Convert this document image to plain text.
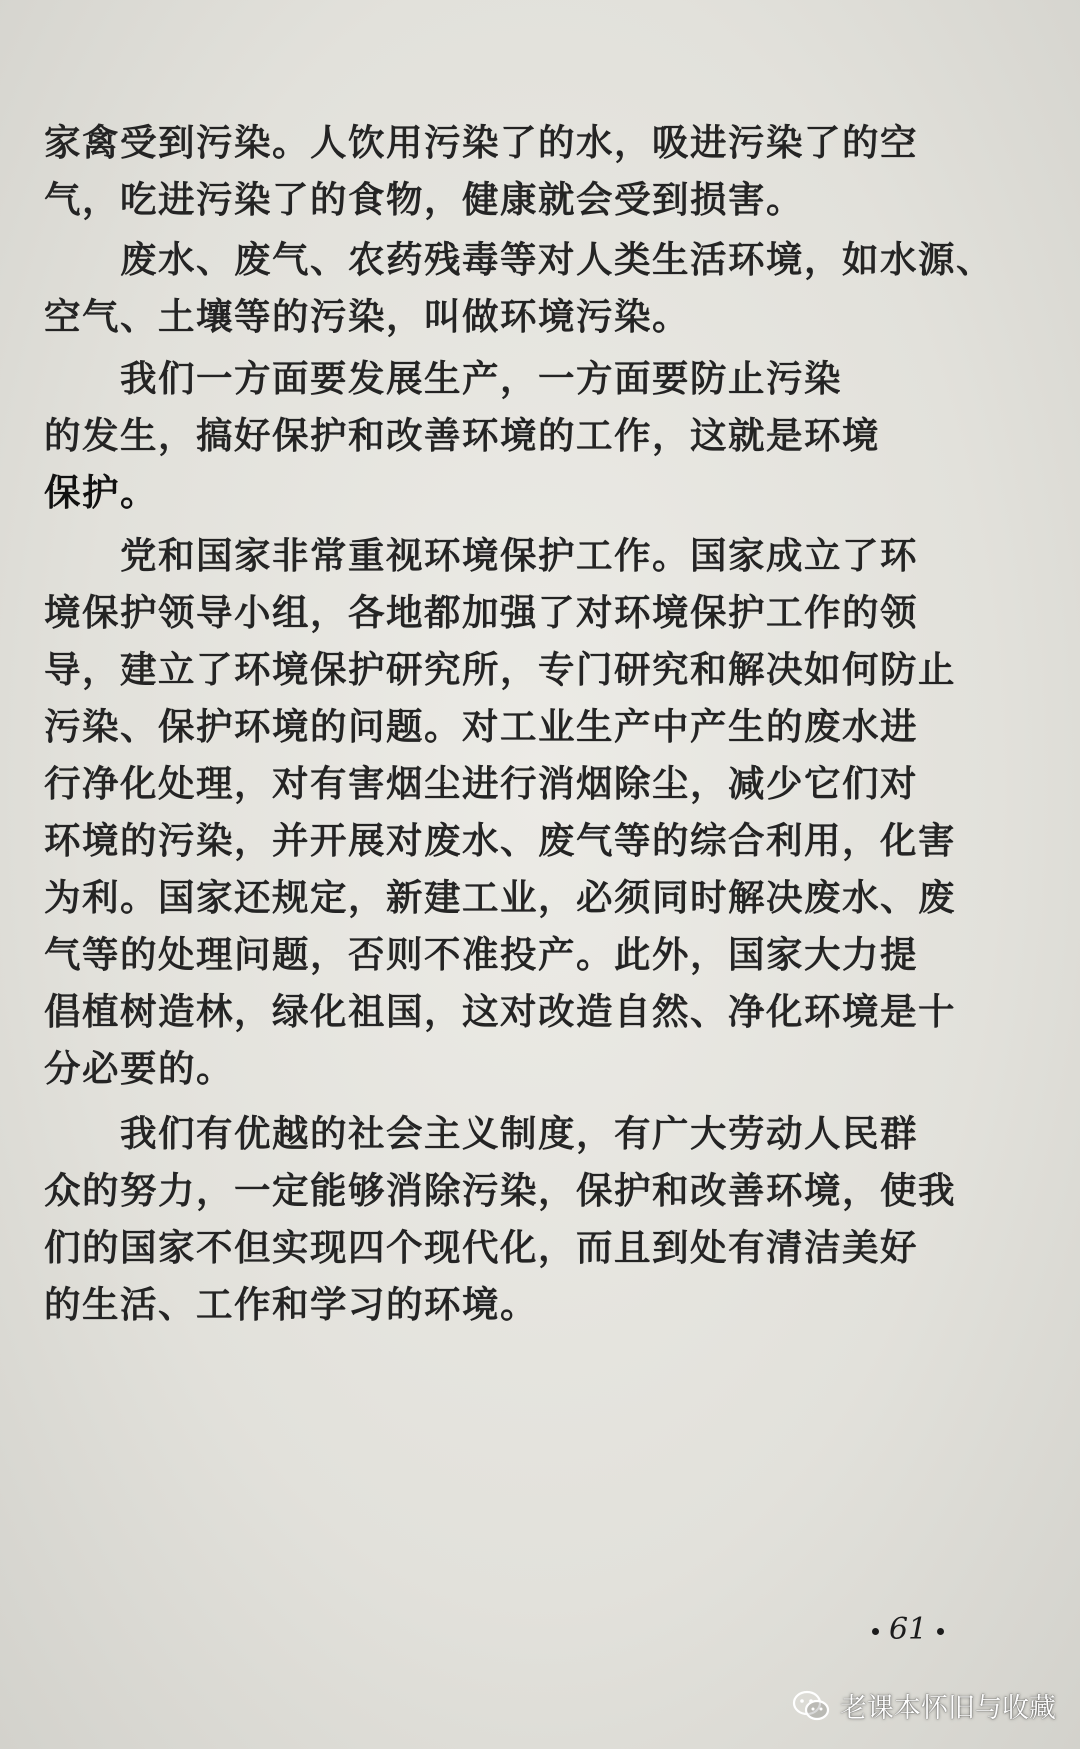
家禽受到污染。人饮用污染了的水，吸进污染了的空
气，吃进污染了的食物，健康就会受到损害。
　　废水、废气、农药残毒等对人类生活环境，如水源、
空气、土壤等的污染，叫做环境污染。
　　我们一方面要发展生产，一方面要防止污染
的发生，搞好保护和改善环境的工作，这就是环境
保护。
　　党和国家非常重视环境保护工作。国家成立了环
境保护领导小组，各地都加强了对环境保护工作的领
导，建立了环境保护研究所，专门研究和解决如何防止
污染、保护环境的问题。对工业生产中产生的废水进
行净化处理，对有害烟尘进行消烟除尘，减少它们对
环境的污染，并开展对废水、废气等的综合利用，化害
为利。国家还规定，新建工业，必须同时解决废水、废
气等的处理问题，否则不准投产。此外，国家大力提
倡植树造林，绿化祖国，这对改造自然、净化环境是十
分必要的。
　　我们有优越的社会主义制度，有广大劳动人民群
众的努力，一定能够消除污染，保护和改善环境，使我
们的国家不但实现四个现代化，而且到处有清洁美好
的生活、工作和学习的环境。
61
老课本怀旧与收藏
